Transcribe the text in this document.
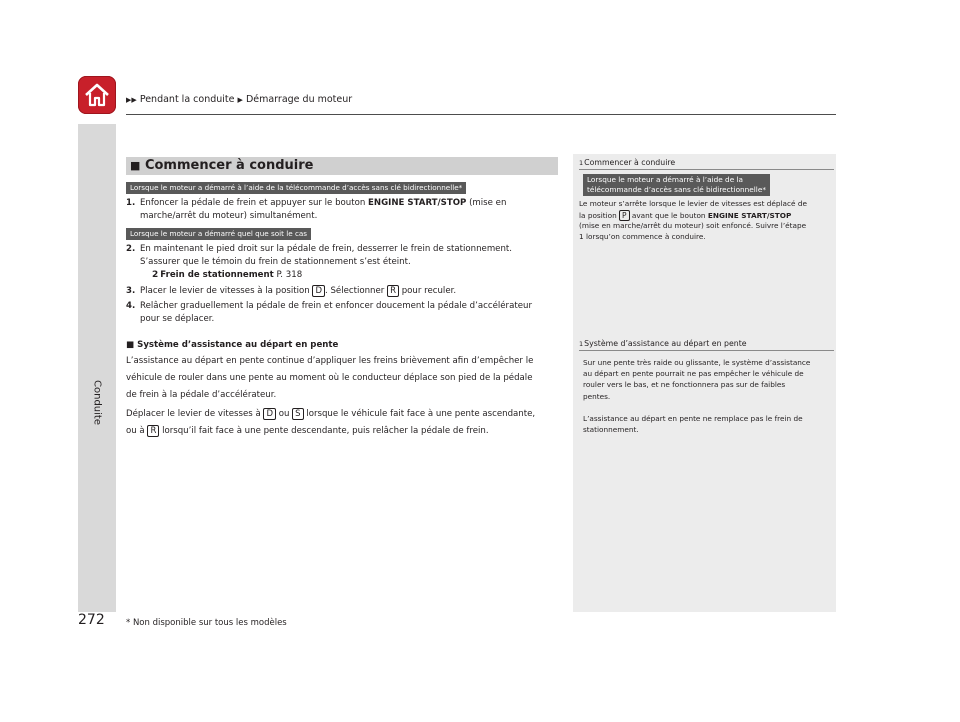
▶▶ Pendant la conduite ▶ Démarrage du moteur
Conduite
■ Commencer à conduire
Lorsque le moteur a démarré à l’aide de la télécommande d’accès sans clé bidirectionnelle*
1. Enfoncer la pédale de frein et appuyer sur le bouton ENGINE START/STOP (mise en
marche/arrêt du moteur) simultanément.
Lorsque le moteur a démarré quel que soit le cas
2. En maintenant le pied droit sur la pédale de frein, desserrer le frein de stationnement.
S’assurer que le témoin du frein de stationnement s’est éteint.
2 Frein de stationnement P. 318
3. Placer le levier de vitesses à la position D . Sélectionner R pour reculer.
4. Relâcher graduellement la pédale de frein et enfoncer doucement la pédale d’accélérateur
pour se déplacer.
■ Système d’assistance au départ en pente
L’assistance au départ en pente continue d’appliquer les freins brièvement afin d’empêcher le
véhicule de rouler dans une pente au moment où le conducteur déplace son pied de la pédale
de frein à la pédale d’accélérateur.
Déplacer le levier de vitesses à D ou S lorsque le véhicule fait face à une pente ascendante,
ou à R lorsqu’il fait face à une pente descendante, puis relâcher la pédale de frein.
1Commencer à conduire
Lorsque le moteur a démarré à l’aide de la
télécommande d’accès sans clé bidirectionnelle*
Le moteur s’arrête lorsque le levier de vitesses est déplacé de
la position P avant que le bouton ENGINE START/STOP
(mise en marche/arrêt du moteur) soit enfoncé. Suivre l’étape
1 lorsqu’on commence à conduire.
1Système d’assistance au départ en pente
Sur une pente très raide ou glissante, le système d’assistance
au départ en pente pourrait ne pas empêcher le véhicule de
rouler vers le bas, et ne fonctionnera pas sur de faibles
pentes.

L’assistance au départ en pente ne remplace pas le frein de
stationnement.
272	* Non disponible sur tous les modèles
